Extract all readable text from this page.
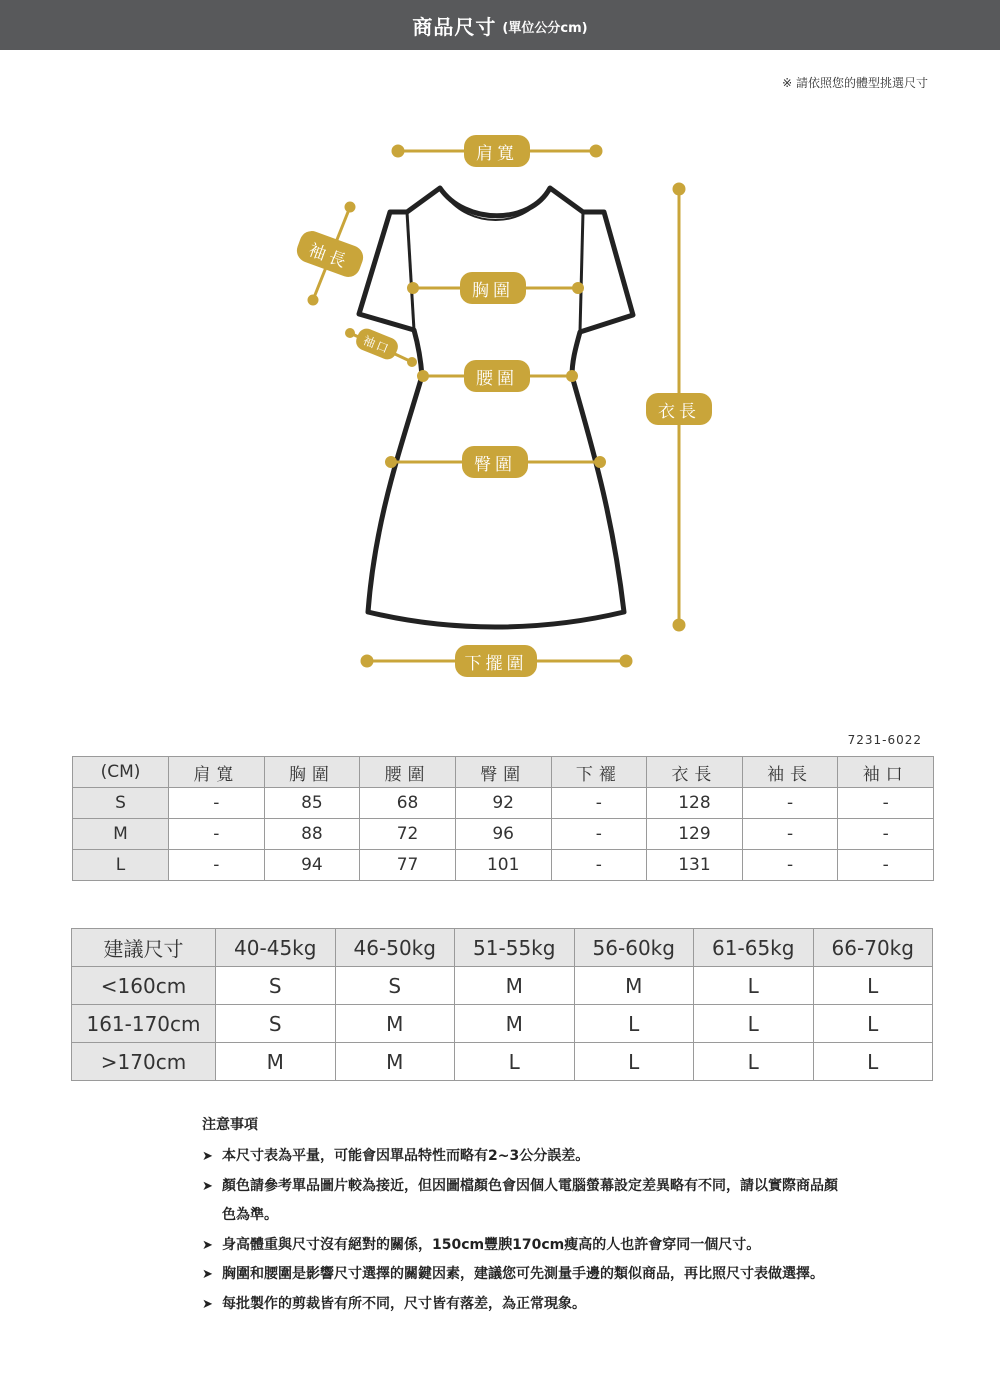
商品尺寸 (單位公分cm)
※ 請依照您的體型挑選尺寸
肩寬
袖長
胸圍
袖口
腰圍
衣長
臀圍
下擺圍
7231-6022
(CM)	肩寬	胸圍	腰圍	臀圍	下襬	衣長	袖長	袖口
S	-	85	68	92	-	128	-	-
M	-	88	72	96	-	129	-	-
L	-	94	77	101	-	131	-	-
建議尺寸	40-45kg	46-50kg	51-55kg	56-60kg	61-65kg	66-70kg
<160cm	S	S	M	M	L	L
161-170cm	S	M	M	L	L	L
>170cm	M	M	L	L	L	L
注意事項
➤ 本尺寸表為平量，可能會因單品特性而略有2~3公分誤差。
➤ 顏色請參考單品圖片較為接近，但因圖檔顏色會因個人電腦螢幕設定差異略有不同，請以實際商品顏色為準。
➤ 身高體重與尺寸沒有絕對的關係，150cm豐腴170cm瘦高的人也許會穿同一個尺寸。
➤ 胸圍和腰圍是影響尺寸選擇的關鍵因素，建議您可先測量手邊的類似商品，再比照尺寸表做選擇。
➤ 每批製作的剪裁皆有所不同，尺寸皆有落差，為正常現象。
